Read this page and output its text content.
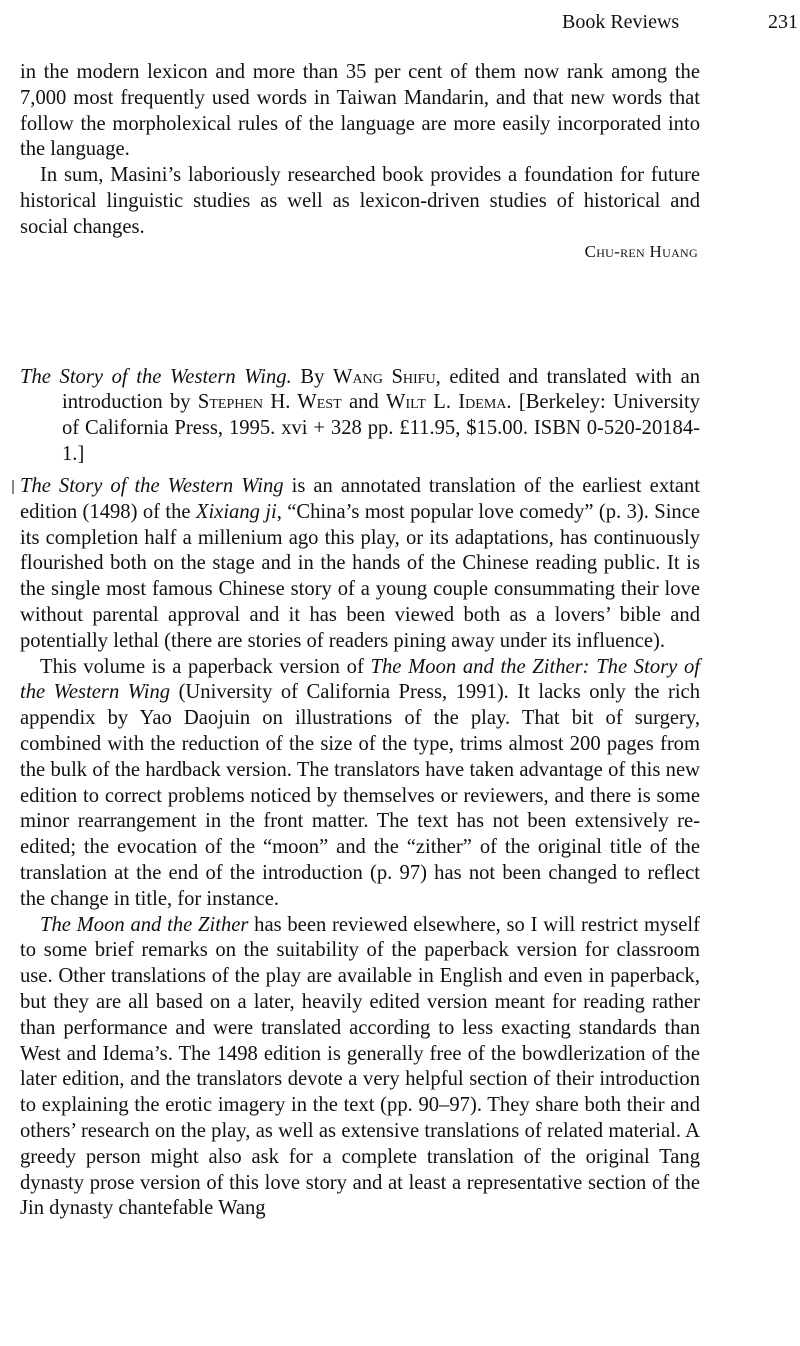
Book Reviews	231

in the modern lexicon and more than 35 per cent of them now rank among the 7,000 most frequently used words in Taiwan Mandarin, and that new words that follow the morpholexical rules of the language are more easily incorporated into the language.

In sum, Masini’s laboriously researched book provides a foundation for future historical linguistic studies as well as lexicon-driven studies of historical and social changes.

Chu-ren Huang

The Story of the Western Wing. By Wang Shifu, edited and translated with an introduction by Stephen H. West and Wilt L. Idema. [Berkeley: University of California Press, 1995. xvi + 328 pp. £11.95, $15.00. ISBN 0-520-20184-1.]

The Story of the Western Wing is an annotated translation of the earliest extant edition (1498) of the Xixiang ji, “China’s most popular love comedy” (p. 3). Since its completion half a millenium ago this play, or its adaptations, has continuously flourished both on the stage and in the hands of the Chinese reading public. It is the single most famous Chinese story of a young couple consummating their love without parental approval and it has been viewed both as a lovers’ bible and potentially lethal (there are stories of readers pining away under its influence).

This volume is a paperback version of The Moon and the Zither: The Story of the Western Wing (University of California Press, 1991). It lacks only the rich appendix by Yao Daojuin on illustrations of the play. That bit of surgery, combined with the reduction of the size of the type, trims almost 200 pages from the bulk of the hardback version. The translators have taken advantage of this new edition to correct problems noticed by themselves or reviewers, and there is some minor rearrangement in the front matter. The text has not been extensively re-edited; the evocation of the “moon” and the “zither” of the original title of the translation at the end of the introduction (p. 97) has not been changed to reflect the change in title, for instance.

The Moon and the Zither has been reviewed elsewhere, so I will restrict myself to some brief remarks on the suitability of the paperback version for classroom use. Other translations of the play are available in English and even in paperback, but they are all based on a later, heavily edited version meant for reading rather than performance and were translated according to less exacting standards than West and Idema’s. The 1498 edition is generally free of the bowdlerization of the later edition, and the translators devote a very helpful section of their introduction to explaining the erotic imagery in the text (pp. 90–97). They share both their and others’ research on the play, as well as extensive translations of related material. A greedy person might also ask for a complete translation of the original Tang dynasty prose version of this love story and at least a representative section of the Jin dynasty chantefable Wang
